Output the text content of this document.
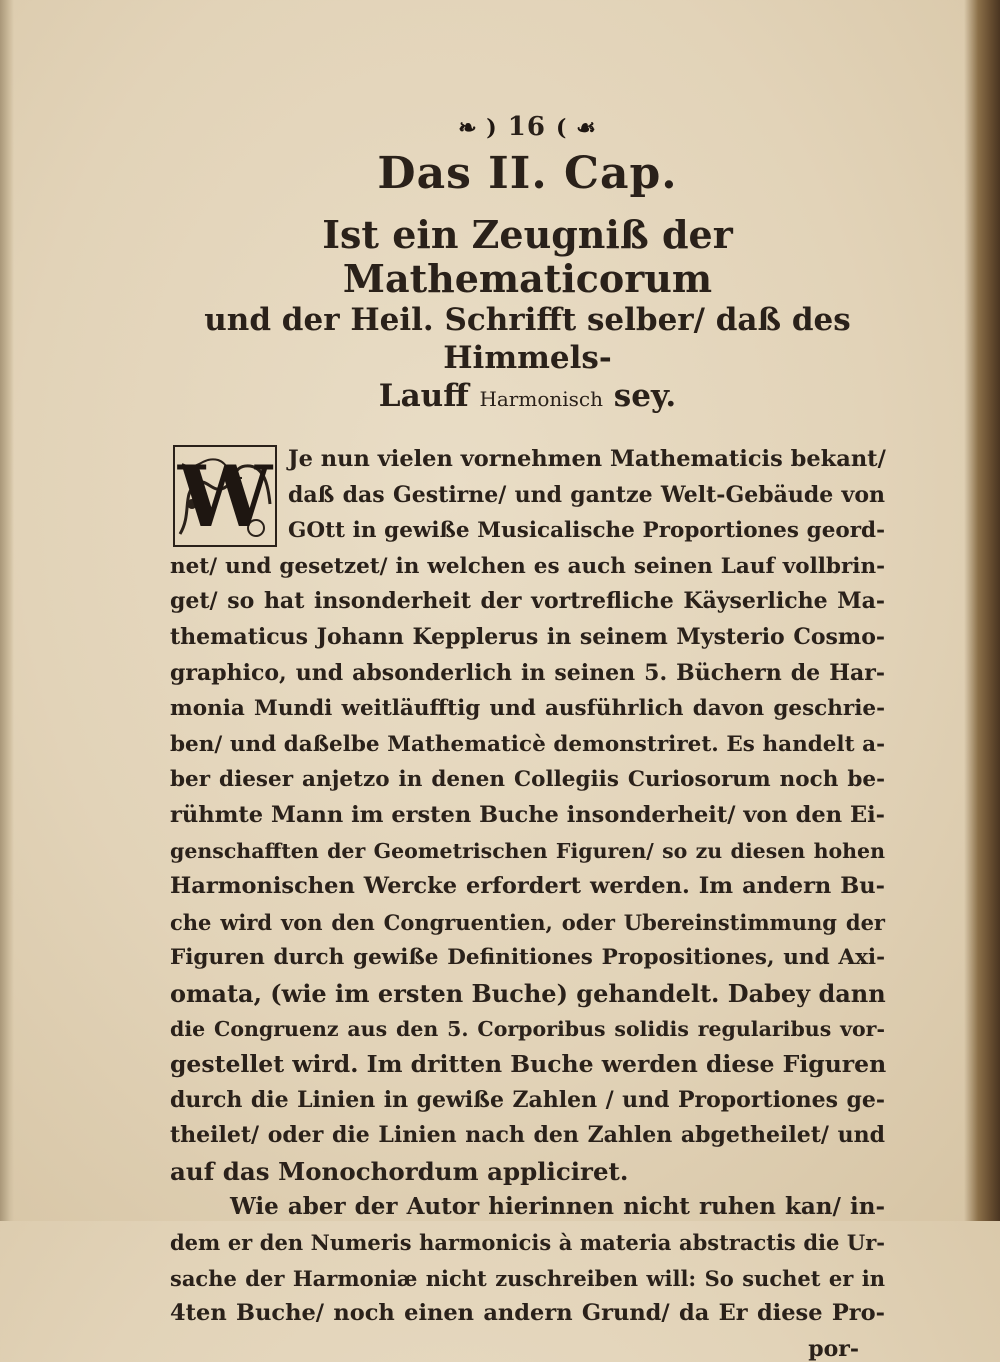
❧ ) 16 ( ☙
Das II. Cap.
Ist ein Zeugniß der Mathematicorum
und der Heil. Schrifft selber/ daß des Himmels-
Lauff Harmonisch sey.
W Je nun vielen vornehmen Mathematicis bekant/
daß das Gestirne/ und gantze Welt-Gebäude von
GOtt in gewiße Musicalische Proportiones geord-
net/ und gesetzet/ in welchen es auch seinen Lauf vollbrin-
get/ so hat insonderheit der vortrefliche Käyserliche Ma-
thematicus Johann Kepplerus in seinem Mysterio Cosmo-
graphico, und absonderlich in seinen 5. Büchern de Har-
monia Mundi weitläufftig und ausführlich davon geschrie-
ben/ und daßelbe Mathematicè demonstriret. Es handelt a-
ber dieser anjetzo in denen Collegiis Curiosorum noch be-
rühmte Mann im ersten Buche insonderheit/ von den Ei-
genschafften der Geometrischen Figuren/ so zu diesen hohen
Harmonischen Wercke erfordert werden. Im andern Bu-
che wird von den Congruentien, oder Ubereinstimmung der
Figuren durch gewiße Definitiones Propositiones, und Axi-
omata, (wie im ersten Buche) gehandelt. Dabey dann
die Congruenz aus den 5. Corporibus solidis regularibus vor-
gestellet wird. Im dritten Buche werden diese Figuren
durch die Linien in gewiße Zahlen / und Proportiones ge-
theilet/ oder die Linien nach den Zahlen abgetheilet/ und
auf das Monochordum appliciret.
Wie aber der Autor hierinnen nicht ruhen kan/ in-
dem er den Numeris harmonicis à materia abstractis die Ur-
sache der Harmoniæ nicht zuschreiben will: So suchet er in
4ten Buche/ noch einen andern Grund/ da Er diese Pro-
por-
